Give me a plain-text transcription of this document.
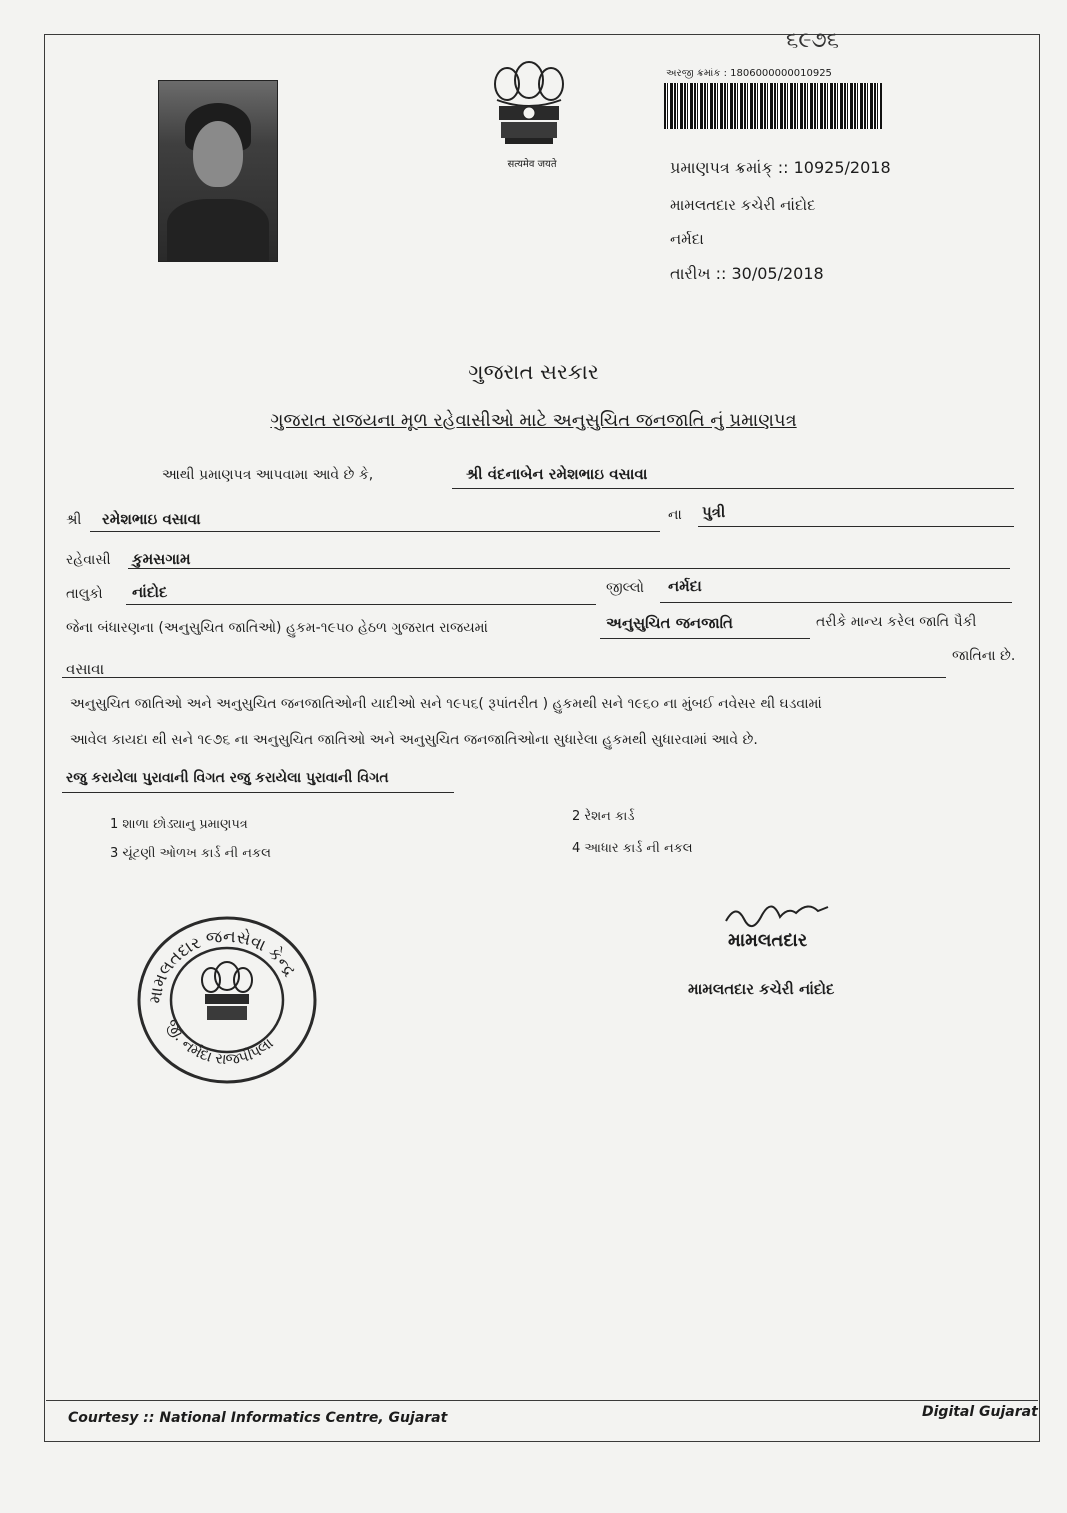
૬૯૭૬
सत्यमेव जयते
અરજી ક્રમાંક : 1806000000010925
પ્રમાણપત્ર ક્રમાંક્ :: 10925/2018
મામલતદાર કચેરી નાંદોદ
નર્મદા
તારીખ :: 30/05/2018
ગુજરાત સરકાર
ગુજરાત રાજયના મૂળ રહેવાસીઓ માટે અનુસુચિત જનજાતિ નું પ્રમાણપત્ર
આથી પ્રમાણપત્ર આપવામા આવે છે કે,	શ્રી વંદનાબેન રમેશભાઇ વસાવા
શ્રી રમેશભાઇ વસાવા	ના પુત્રી
રહેવાસી કુમસગામ
તાલુકો નાંદોદ	જીલ્લો નર્મદા
જેના બંધારણના (અનુસુચિત જાતિઓ) હુકમ-૧૯૫૦ હેઠળ ગુજરાત રાજયમાં	અનુસુચિત જનજાતિ	તરીકે માન્ય કરેલ જાતિ પૈકી
વસાવા
જાતિના છે.
અનુસુચિત જાતિઓ અને અનુસુચિત જનજાતિઓની યાદીઓ સને ૧૯૫૬( રૂપાંતરીત ) હુકમથી સને ૧૯૬૦ ના મુંબઈ નવેસર થી ઘડવામાં
આવેલ કાયદા થી સને ૧૯૭૬ ના અનુસુચિત જાતિઓ અને અનુસુચિત જનજાતિઓના સુધારેલા હુકમથી સુધારવામાં આવે છે.
રજુ કરાયેલા પુરાવાની વિગત રજુ કરાયેલા પુરાવાની વિગત
1 શાળા છોડ્યાનુ પ્રમાણપત્ર
2 રેશન કાર્ડ
3 ચૂંટણી ઓળખ કાર્ડ ની નકલ	4 આધાર કાર્ડ ની નકલ
મામલતદાર જનસેવા કેન્દ્ર
જી. નર્મદા રાજપીપલા
મામલતદાર
મામલતદાર કચેરી નાંદોદ
Courtesy :: National Informatics Centre, Gujarat	Digital Gujarat
